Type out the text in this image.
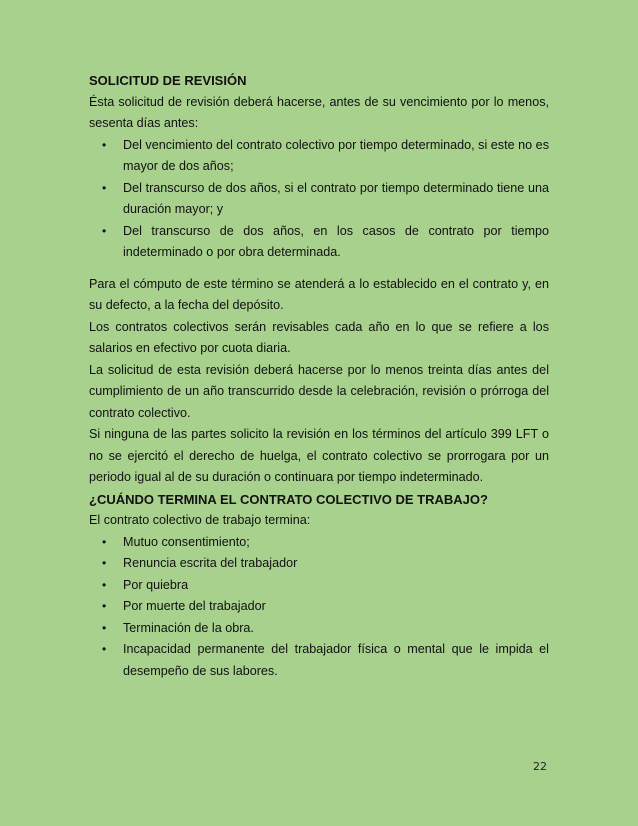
SOLICITUD DE REVISIÓN

Ésta solicitud de revisión deberá hacerse, antes de su vencimiento por lo menos, sesenta días antes:

• Del vencimiento del contrato colectivo por tiempo determinado, si este no es mayor de dos años;
• Del transcurso de dos años, si el contrato por tiempo determinado tiene una duración mayor; y
• Del transcurso de dos años, en los casos de contrato por tiempo indeterminado o por obra determinada.

Para el cómputo de este término se atenderá a lo establecido en el contrato y, en su defecto, a la fecha del depósito.

Los contratos colectivos serán revisables cada año en lo que se refiere a los salarios en efectivo por cuota diaria.

La solicitud de esta revisión deberá hacerse por lo menos treinta días antes del cumplimiento de un año transcurrido desde la celebración, revisión o prórroga del contrato colectivo.

Si ninguna de las partes solicito la revisión en los términos del artículo 399 LFT o no se ejercitó el derecho de huelga, el contrato colectivo se prorrogara por un periodo igual al de su duración o continuara por tiempo indeterminado.

¿CUÁNDO TERMINA EL CONTRATO COLECTIVO DE TRABAJO?

El contrato colectivo de trabajo termina:

• Mutuo consentimiento;
• Renuncia escrita del trabajador
• Por quiebra
• Por muerte del trabajador
• Terminación de la obra.
• Incapacidad permanente del trabajador física o mental que le impida el desempeño de sus labores.
22
